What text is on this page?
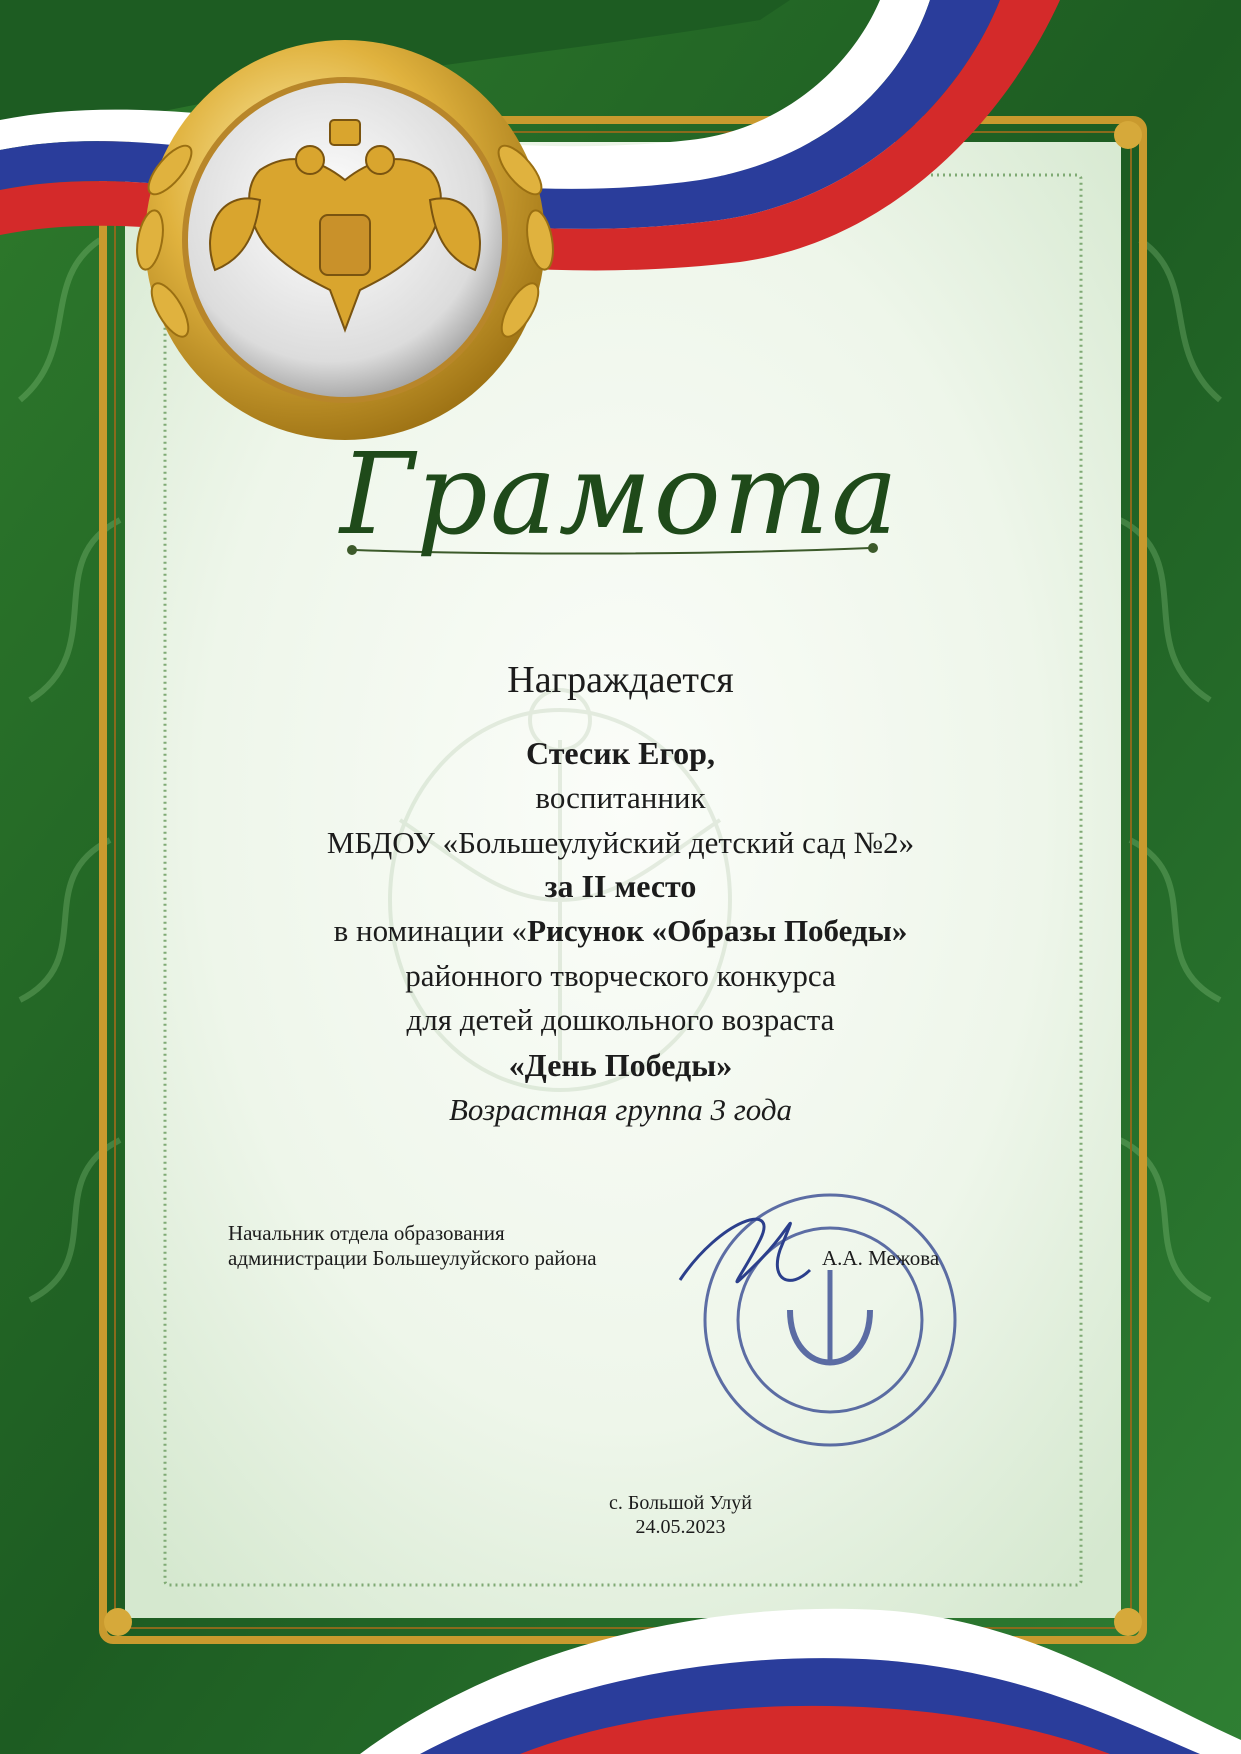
Грамота
Награждается
Стесик Егор,
воспитанник
МБДОУ «Большеулуйский детский сад №2»
за II место
в номинации «Рисунок «Образы Победы»
районного творческого конкурса
для детей дошкольного возраста
«День Победы»
Возрастная группа 3 года
Начальник отдела образования
администрации Большеулуйского района	А.А. Межова
с. Большой Улуй
24.05.2023
